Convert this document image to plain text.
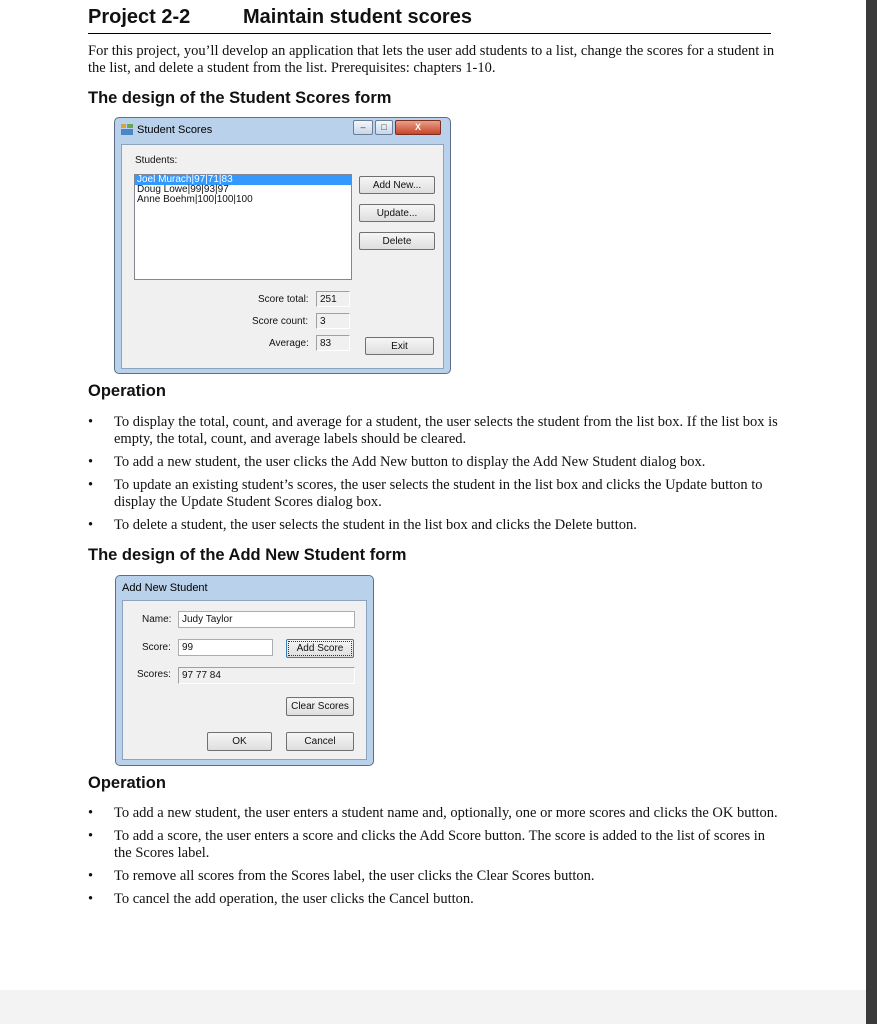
Project 2-2	Maintain student scores
For this project, you’ll develop an application that lets the user add students to a list, change the scores for a student in the list, and delete a student from the list. Prerequisites: chapters 1-10.
The design of the Student Scores form
Student Scores	–	□	X
Students:
Joel Murach|97|71|83
Doug Lowe|99|93|97
Anne Boehm|100|100|100
Add New...
Update...
Delete
Score total:	251
Score count:	3
Average:	83	Exit
Operation
• To display the total, count, and average for a student, the user selects the student from the list box. If the list box is empty, the total, count, and average labels should be cleared.
• To add a new student, the user clicks the Add New button to display the Add New Student dialog box.
• To update an existing student’s scores, the user selects the student in the list box and clicks the Update button to display the Update Student Scores dialog box.
• To delete a student, the user selects the student in the list box and clicks the Delete button.
The design of the Add New Student form
Add New Student
Name:	Judy Taylor
Score:	99	Add Score
Scores:	97 77 84
Clear Scores
OK	Cancel
Operation
• To add a new student, the user enters a student name and, optionally, one or more scores and clicks the OK button.
• To add a score, the user enters a score and clicks the Add Score button. The score is added to the list of scores in the Scores label.
• To remove all scores from the Scores label, the user clicks the Clear Scores button.
• To cancel the add operation, the user clicks the Cancel button.
